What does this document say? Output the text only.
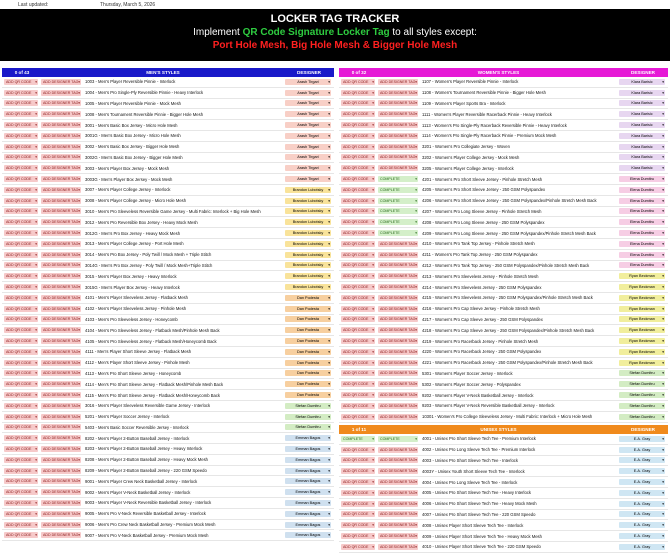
Last updated:	Thursday, March 5, 2026
LOCKER TAG TRACKER
Implement QR Code Signature Locker Tag to all styles except:
Port Hole Mesh, Big Hole Mesh & Bigger Hole Mesh
0 of 43	MEN'S STYLES	DESIGNER
ADD QR CODE ▾	ADD DESIGNER TAG ▾	1003 - Men's Player Reversible Pinnie - Interlock	Arash Tirgari ▾
ADD QR CODE ▾	ADD DESIGNER TAG ▾	1004 - Men's Pro Single-Ply Reversible Pinnie - Heavy Interlock	Arash Tirgari ▾
ADD QR CODE ▾	ADD DESIGNER TAG ▾	1005 - Men's Player Reversible Pinnie - Mock Mesh	Arash Tirgari ▾
ADD QR CODE ▾	ADD DESIGNER TAG ▾	1008 - Men's Tournament Reversible Pinnie - Bigger Hole Mesh	Arash Tirgari ▾
ADD QR CODE ▾	ADD DESIGNER TAG ▾	3001 - Men's Basic Box Jersey - Micro Hole Mesh	Arash Tirgari ▾
ADD QR CODE ▾	ADD DESIGNER TAG ▾	3001G - Men's Basic Box Jersey - Micro Hole Mesh	Arash Tirgari ▾
ADD QR CODE ▾	ADD DESIGNER TAG ▾	3002 - Men's Basic Box Jersey - Bigger Hole Mesh	Arash Tirgari ▾
ADD QR CODE ▾	ADD DESIGNER TAG ▾	3002G - Men's Basic Box Jersey - Bigger Hole Mesh	Arash Tirgari ▾
ADD QR CODE ▾	ADD DESIGNER TAG ▾	3003 - Men's Player Box Jersey - Mock Mesh	Arash Tirgari ▾
ADD QR CODE ▾	ADD DESIGNER TAG ▾	3003G - Men's Player Box Jersey - Mock Mesh	Arash Tirgari ▾
ADD QR CODE ▾	ADD DESIGNER TAG ▾	3007 - Men's Player College Jersey - Interlock	Brandon Lubotsky ▾
ADD QR CODE ▾	ADD DESIGNER TAG ▾	3008 - Men's Player College Jersey - Micro Hole Mesh	Brandon Lubotsky ▾
ADD QR CODE ▾	ADD DESIGNER TAG ▾	3010 - Men's Pro Sleeveless Reversible Game Jersey - Multi Fabric: Interlock + Big Hole Mesh	Brandon Lubotsky ▾
ADD QR CODE ▾	ADD DESIGNER TAG ▾	3012 - Men's Pro Reversible Box Jersey - Heavy Mock Mesh	Brandon Lubotsky ▾
ADD QR CODE ▾	ADD DESIGNER TAG ▾	3012G - Men's Pro Box Jersey - Heavy Mock Mesh	Brandon Lubotsky ▾
ADD QR CODE ▾	ADD DESIGNER TAG ▾	3013 - Men's Player College Jersey - Port Hole Mesh	Brandon Lubotsky ▾
ADD QR CODE ▾	ADD DESIGNER TAG ▾	3014 - Men's Pro Box Jersey - Poly Twill / Mock Mesh + Triple Stitch	Brandon Lubotsky ▾
ADD QR CODE ▾	ADD DESIGNER TAG ▾	3014G - Men's Pro Box Jersey - Poly Twill / Mock Mesh+Triple Stitch	Brandon Lubotsky ▾
ADD QR CODE ▾	ADD DESIGNER TAG ▾	3015 - Men's Player Box Jersey - Heavy Interlock	Brandon Lubotsky ▾
ADD QR CODE ▾	ADD DESIGNER TAG ▾	3015G - Men's Player Box Jersey - Heavy Interlock	Brandon Lubotsky ▾
ADD QR CODE ▾	ADD DESIGNER TAG ▾	4101 - Men's Player Sleeveless Jersey - Flatback Mesh	Dan Podesta ▾
ADD QR CODE ▾	ADD DESIGNER TAG ▾	4102 - Men's Player Sleeveless Jersey - Pinhole Mesh	Dan Podesta ▾
ADD QR CODE ▾	ADD DESIGNER TAG ▾	4103 - Men's Pro Sleeveless Jersey - Honeycomb	Dan Podesta ▾
ADD QR CODE ▾	ADD DESIGNER TAG ▾	4104 - Men's Pro Sleeveless Jersey - Flatback Mesh/Pinhole Mesh Back	Dan Podesta ▾
ADD QR CODE ▾	ADD DESIGNER TAG ▾	4105 - Men's Pro Sleeveless Jersey - Flatback Mesh/Honeycomb Back	Dan Podesta ▾
ADD QR CODE ▾	ADD DESIGNER TAG ▾	4111 - Men's Player Short Sleeve Jersey - Flatback Mesh	Dan Podesta ▾
ADD QR CODE ▾	ADD DESIGNER TAG ▾	4112 - Men's Player Short Sleeve Jersey - Pinhole Mesh	Dan Podesta ▾
ADD QR CODE ▾	ADD DESIGNER TAG ▾	4113 - Men's Pro Short Sleeve Jersey - Honeycomb	Dan Podesta ▾
ADD QR CODE ▾	ADD DESIGNER TAG ▾	4114 - Men's Pro Short Sleeve Jersey - Flatback Mesh/Pinhole Mesh Back	Dan Podesta ▾
ADD QR CODE ▾	ADD DESIGNER TAG ▾	4115 - Men's Pro Short Sleeve Jersey - Flatback Mesh/Honeycomb Back	Dan Podesta ▾
ADD QR CODE ▾	ADD DESIGNER TAG ▾	3016 - Men's Player Sleeveless Reversible Game Jersey - Interlock	Stefan Dumitru ▾
ADD QR CODE ▾	ADD DESIGNER TAG ▾	5201 - Men's Player Soccer Jersey - Interlock	Stefan Dumitru ▾
ADD QR CODE ▾	ADD DESIGNER TAG ▾	5403 - Men's Basic Soccer Reversible Jersey - Interlock	Stefan Dumitru ▾
ADD QR CODE ▾	ADD DESIGNER TAG ▾	8202 - Men's Player 2-Button Baseball Jersey - Interlock	Emman Bagos ▾
ADD QR CODE ▾	ADD DESIGNER TAG ▾	8203 - Men's Player 2-Button Baseball Jersey - Heavy Interlock	Emman Bagos ▾
ADD QR CODE ▾	ADD DESIGNER TAG ▾	8208 - Men's Player 2-Button Baseball Jersey - Heavy Mock Mesh	Emman Bagos ▾
ADD QR CODE ▾	ADD DESIGNER TAG ▾	8209 - Men's Player 2-Button Baseball Jersey - 220 GSM Speedo	Emman Bagos ▾
ADD QR CODE ▾	ADD DESIGNER TAG ▾	9001 - Men's Player Crew Neck Basketball Jersey - Interlock	Emman Bagos ▾
ADD QR CODE ▾	ADD DESIGNER TAG ▾	9002 - Men's Player V-Neck Basketball Jersey - Interlock	Emman Bagos ▾
ADD QR CODE ▾	ADD DESIGNER TAG ▾	9003 - Men's Player V-Neck Reversible Basketball Jersey - Interlock	Emman Bagos ▾
ADD QR CODE ▾	ADD DESIGNER TAG ▾	9005 - Men's Pro V-Neck Reversible Basketball Jersey - Interlock	Emman Bagos ▾
ADD QR CODE ▾	ADD DESIGNER TAG ▾	9006 - Men's Pro Crew Neck Basketball Jersey - Premium Mock Mesh	Emman Bagos ▾
ADD QR CODE ▾	ADD DESIGNER TAG ▾	9007 - Men's Pro V-Neck Basketball Jersey - Premium Mock Mesh	Emman Bagos ▾
0 of 32	WOMEN'S STYLES	DESIGNER
ADD QR CODE ▾	ADD DESIGNER TAG ▾	1107 - Women's Player Reversible Pinnie - Interlock	Klara Barisic ▾
ADD QR CODE ▾	ADD DESIGNER TAG ▾	1108 - Women's Tournament Reversible Pinnie - Bigger Hole Mesh	Klara Barisic ▾
ADD QR CODE ▾	ADD DESIGNER TAG ▾	1109 - Women's Player Sports Bra - Interlock	Klara Barisic ▾
ADD QR CODE ▾	ADD DESIGNER TAG ▾	1111 - Women's Player Reversible Racerback Pinnie - Heavy Interlock	Klara Barisic ▾
ADD QR CODE ▾	ADD DESIGNER TAG ▾	1113 - Women's Pro Single-Ply Racerback Reversible Pinnie - Heavy Interlock	Klara Barisic ▾
ADD QR CODE ▾	ADD DESIGNER TAG ▾	1114 - Women's Pro Single-Ply Racerback Pinnie - Premium Mock Mesh	Klara Barisic ▾
ADD QR CODE ▾	ADD DESIGNER TAG ▾	3201 - Women's Pro Collegiate Jersey - Woven	Klara Barisic ▾
ADD QR CODE ▾	ADD DESIGNER TAG ▾	3202 - Women's Player College Jersey - Mock Mesh	Klara Barisic ▾
ADD QR CODE ▾	ADD DESIGNER TAG ▾	3205 - Women's Player College Jersey - Interlock	Klara Barisic ▾
ADD QR CODE ▾	COMPLETE ▾	4201 - Women's Pro Short Sleeve Jersey - Pinhole Stretch Mesh	Elena Dumitru ▾
ADD QR CODE ▾	COMPLETE ▾	4205 - Women's Pro Short Sleeve Jersey - 250 GSM Polyspandex	Elena Dumitru ▾
ADD QR CODE ▾	COMPLETE ▾	4206 - Women's Pro Short Sleeve Jersey - 250 GSM Polyspandex/Pinhole Stretch Mesh Back	Elena Dumitru ▾
ADD QR CODE ▾	COMPLETE ▾	4207 - Women's Pro Long Sleeve Jersey - Pinhole Stretch Mesh	Elena Dumitru ▾
ADD QR CODE ▾	COMPLETE ▾	4208 - Women's Pro Long Sleeve Jersey - 250 GSM Polyspandex	Elena Dumitru ▾
ADD QR CODE ▾	COMPLETE ▾	4209 - Women's Pro Long Sleeve Jersey - 250 GSM Polyspandex/Pinhole Stretch Mesh Back	Elena Dumitru ▾
ADD QR CODE ▾	ADD DESIGNER TAG ▾	4210 - Women's Pro Tank Top Jersey - Pinhole Stretch Mesh	Elena Dumitru ▾
ADD QR CODE ▾	ADD DESIGNER TAG ▾	4211 - Women's Pro Tank Top Jersey - 250 GSM Polyspandex	Elena Dumitru ▾
ADD QR CODE ▾	ADD DESIGNER TAG ▾	4212 - Women's Pro Tank Top Jersey - 250 GSM Polyspandex/Pinhole Stretch Mesh Back	Elena Dumitru ▾
ADD QR CODE ▾	ADD DESIGNER TAG ▾	4213 - Women's Pro Sleeveless Jersey - Pinhole Stretch Mesh	Ryan Beckman ▾
ADD QR CODE ▾	ADD DESIGNER TAG ▾	4214 - Women's Pro Sleeveless Jersey - 250 GSM Polyspandex	Ryan Beckman ▾
ADD QR CODE ▾	ADD DESIGNER TAG ▾	4215 - Women's Pro Sleeveless Jersey - 250 GSM Polyspandex/Pinhole Stretch Mesh Back	Ryan Beckman ▾
ADD QR CODE ▾	ADD DESIGNER TAG ▾	4216 - Women's Pro Cap Sleeve Jersey - Pinhole Stretch Mesh	Ryan Beckman ▾
ADD QR CODE ▾	ADD DESIGNER TAG ▾	4217 - Women's Pro Cap Sleeve Jersey - 250 GSM Polyspandex	Ryan Beckman ▾
ADD QR CODE ▾	ADD DESIGNER TAG ▾	4218 - Women's Pro Cap Sleeve Jersey - 250 GSM Polyspandex/Pinhole Stretch Mesh Back	Ryan Beckman ▾
ADD QR CODE ▾	ADD DESIGNER TAG ▾	4219 - Women's Pro Racerback Jersey - Pinhole Stretch Mesh	Ryan Beckman ▾
ADD QR CODE ▾	ADD DESIGNER TAG ▾	4220 - Women's Pro Racerback Jersey - 250 GSM Polyspandex	Ryan Beckman ▾
ADD QR CODE ▾	ADD DESIGNER TAG ▾	4221 - Women's Pro Racerback Jersey - 250 GSM Polyspandex/Pinhole Stretch Mesh Back	Ryan Beckman ▾
ADD QR CODE ▾	ADD DESIGNER TAG ▾	5301 - Women's Player Soccer Jersey - Interlock	Stefan Dumitru ▾
ADD QR CODE ▾	ADD DESIGNER TAG ▾	5302 - Women's Player Soccer Jersey - Polyspandex	Stefan Dumitru ▾
ADD QR CODE ▾	ADD DESIGNER TAG ▾	9202 - Women's Player V-Neck Basketball Jersey - Interlock	Stefan Dumitru ▾
ADD QR CODE ▾	ADD DESIGNER TAG ▾	9203 - Women's Player V-Neck Reversible Basketball Jersey - Interlock	Stefan Dumitru ▾
ADD QR CODE ▾	ADD DESIGNER TAG ▾	10301 - Women's Pro College Sleeveless Jersey - Multi Fabric: Interlock + Micro Hole Mesh	Stefan Dumitru ▾
1 of 11	UNISEX STYLES	DESIGNER
COMPLETE ▾	COMPLETE ▾	4001 - Unisex Pro Short Sleeve Tech Tee - Premium Interlock	E.A. Gray ▾
ADD QR CODE ▾	ADD DESIGNER TAG ▾	4002 - Unisex Pro Long Sleeve Tech Tee - Premium Interlock	E.A. Gray ▾
ADD QR CODE ▾	ADD DESIGNER TAG ▾	4003 - Unisex Pro Short Sleeve Tech Tee - Interlock	E.A. Gray ▾
ADD QR CODE ▾	ADD DESIGNER TAG ▾	4003Y - Unisex Youth Short Sleeve Tech Tee - Interlock	E.A. Gray ▾
ADD QR CODE ▾	ADD DESIGNER TAG ▾	4004 - Unisex Pro Long Sleeve Tech Tee - Interlock	E.A. Gray ▾
ADD QR CODE ▾	ADD DESIGNER TAG ▾	4005 - Unisex Pro Short Sleeve Tech Tee - Heavy Interlock	E.A. Gray ▾
ADD QR CODE ▾	ADD DESIGNER TAG ▾	4006 - Unisex Pro Short Sleeve Tech Tee - Heavy Mock Mesh	E.A. Gray ▾
ADD QR CODE ▾	ADD DESIGNER TAG ▾	4007 - Unisex Pro Short Sleeve Tech Tee - 220 GSM Speedo	E.A. Gray ▾
ADD QR CODE ▾	ADD DESIGNER TAG ▾	4008 - Unisex Player Short Sleeve Tech Tee - Interlock	E.A. Gray ▾
ADD QR CODE ▾	ADD DESIGNER TAG ▾	4009 - Unisex Player Short Sleeve Tech Tee - Heavy Mock Mesh	E.A. Gray ▾
ADD QR CODE ▾	ADD DESIGNER TAG ▾	4010 - Unisex Player Short Sleeve Tech Tee - 220 GSM Speedo	E.A. Gray ▾
